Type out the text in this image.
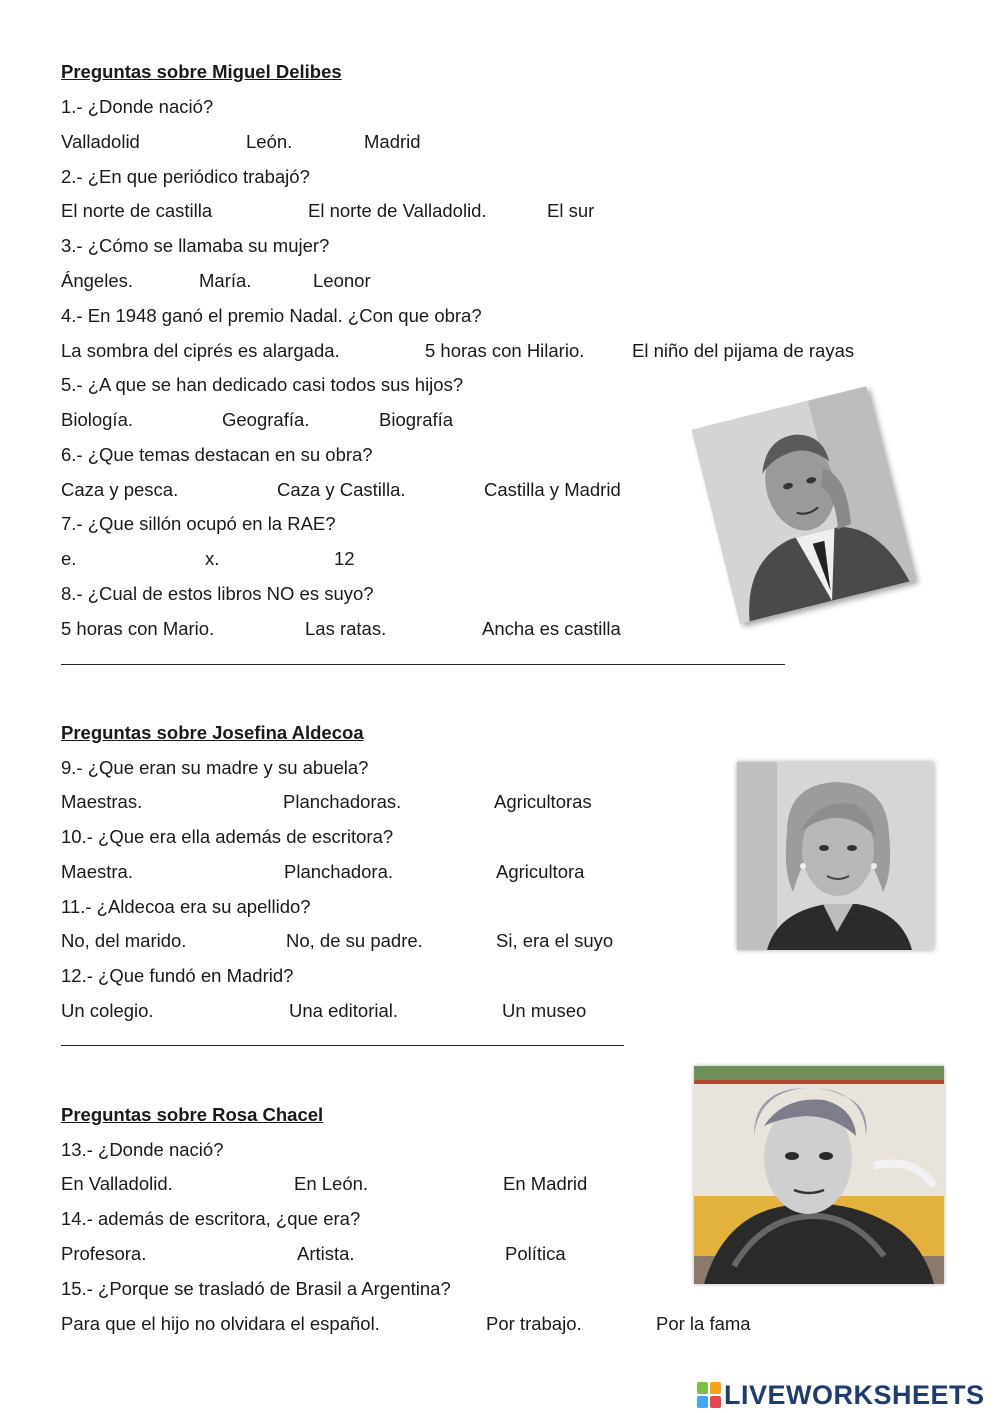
Preguntas sobre Miguel Delibes
1.- ¿Donde nació?
Valladolid	León.	Madrid
2.- ¿En que periódico trabajó?
El norte de castilla	El norte de Valladolid.	El sur
3.- ¿Cómo se llamaba su mujer?
Ángeles.	María.	Leonor
4.- En 1948 ganó el premio Nadal. ¿Con que obra?
La sombra del ciprés es alargada.	5 horas con Hilario.	El niño del pijama de rayas
5.- ¿A que se han dedicado casi todos sus hijos?
Biología.	Geografía.	Biografía
6.- ¿Que temas destacan en su obra?
Caza y pesca.	Caza y Castilla.	Castilla y Madrid
7.- ¿Que sillón ocupó en la RAE?
e.	x.	12
8.- ¿Cual de estos libros NO es suyo?
5 horas con Mario.	Las ratas.	Ancha es castilla
Preguntas sobre Josefina Aldecoa
9.- ¿Que eran su madre y su abuela?
Maestras.	Planchadoras.	Agricultoras
10.- ¿Que era ella además de escritora?
Maestra.	Planchadora.	Agricultora
11.- ¿Aldecoa era su apellido?
No, del marido.	No, de su padre.	Si, era el suyo
12.- ¿Que fundó en Madrid?
Un colegio.	Una editorial.	Un museo
Preguntas sobre Rosa Chacel
13.- ¿Donde nació?
En Valladolid.	En León.	En Madrid
14.- además de escritora, ¿que era?
Profesora.	Artista.	Política
15.- ¿Porque se trasladó de Brasil a Argentina?
Para que el hijo no olvidara el español.	Por trabajo.	Por la fama
LIVEWORKSHEETS
